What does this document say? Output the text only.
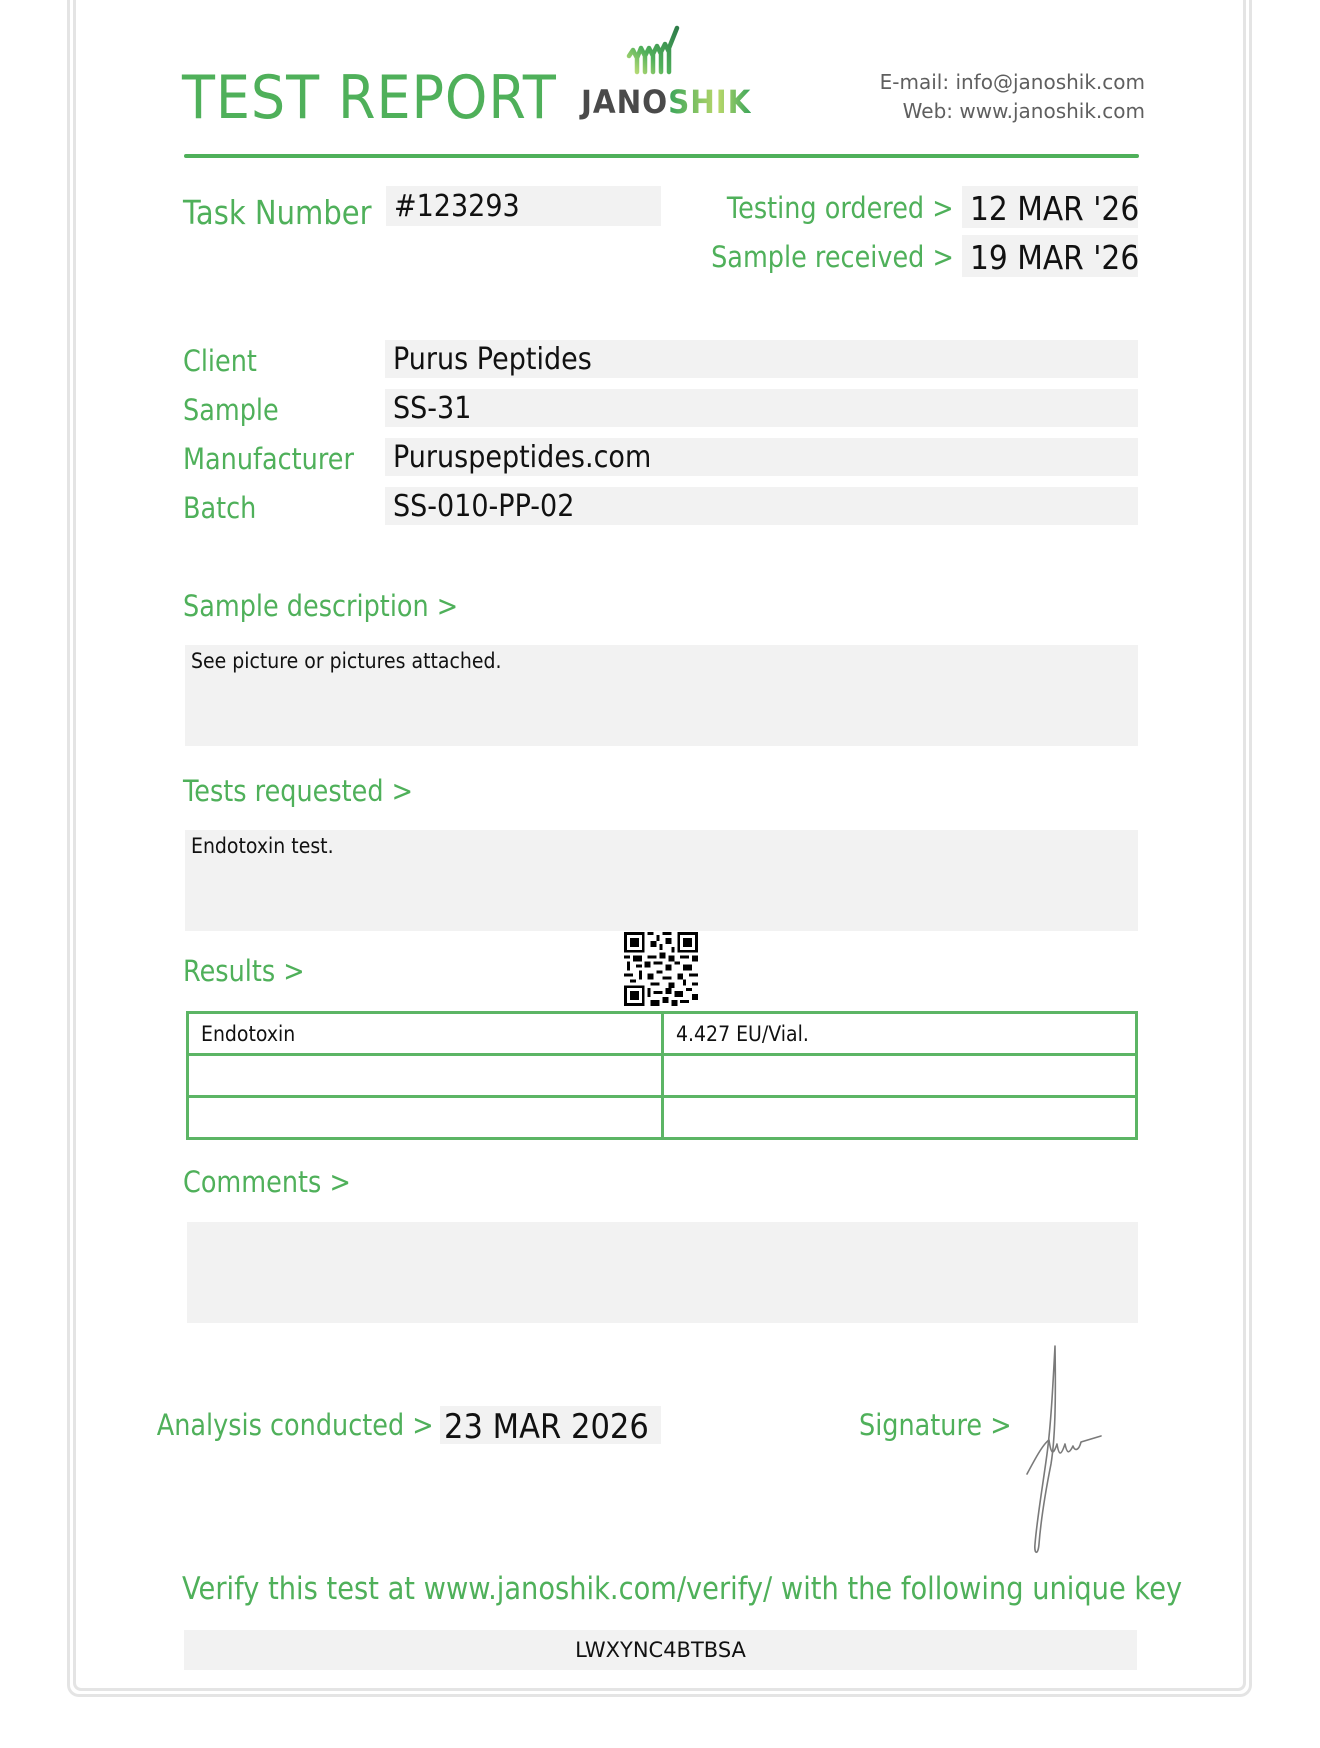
TEST REPORT JANOSHIK
E-mail: info@janoshik.com
Web: www.janoshik.com
Task Number #123293	Testing ordered > 12 MAR '26
Sample received > 19 MAR '26
Client	Purus Peptides
Sample	SS-31
Manufacturer Puruspeptides.com
Batch	SS-010-PP-02
Sample description >
See picture or pictures attached.
Tests requested >
Endotoxin test.
Results >
Endotoxin	4.427 EU/Vial.

Comments >
Analysis conducted > 23 MAR 2026	Signature >
Verify this test at www.janoshik.com/verify/ with the following unique key
LWXYNC4BTBSA
